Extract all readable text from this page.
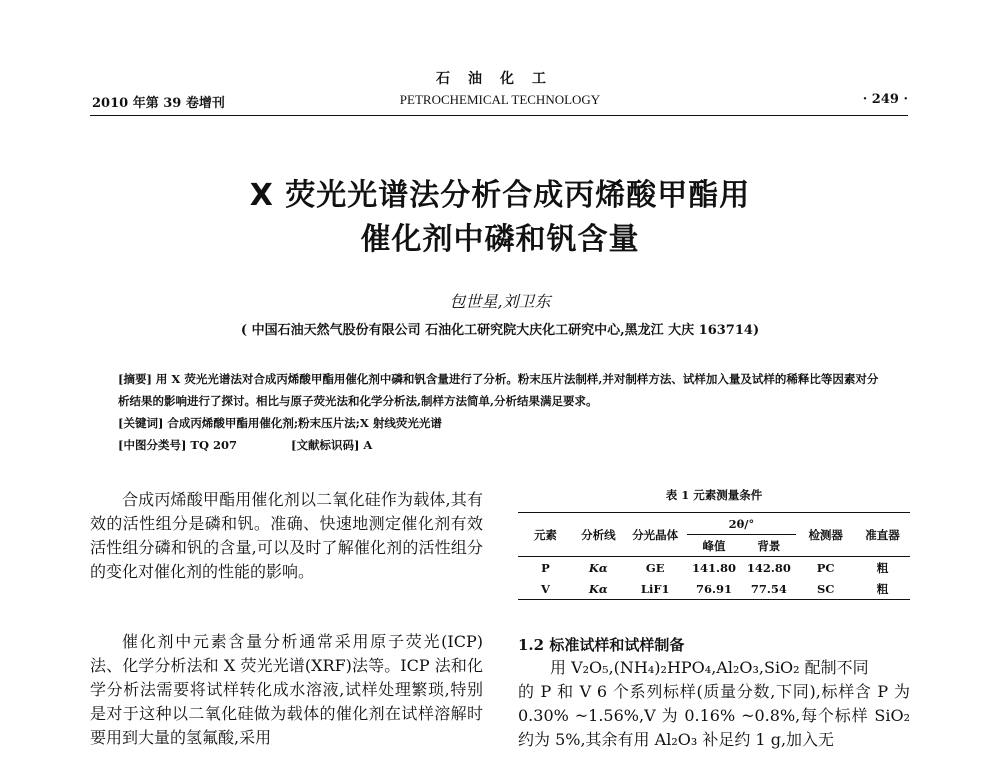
石油化工
2010 年第 39 卷增刊	PETROCHEMICAL TECHNOLOGY	· 249 ·
X 荧光光谱法分析合成丙烯酸甲酯用
催化剂中磷和钒含量
包世星,刘卫东
( 中国石油天然气股份有限公司 石油化工研究院大庆化工研究中心,黑龙江 大庆 163714)
[摘要] 用 X 荧光光谱法对合成丙烯酸甲酯用催化剂中磷和钒含量进行了分析。粉末压片法制样,并对制样方法、试样加入量及试样的稀释比等因素对分析结果的影响进行了探讨。相比与原子荧光法和化学分析法,制样方法简单,分析结果满足要求。
[关键词] 合成丙烯酸甲酯用催化剂;粉末压片法;X 射线荧光光谱
[中图分类号] TQ 207	[文献标识码] A
合成丙烯酸甲酯用催化剂以二氧化硅作为载体,其有效的活性组分是磷和钒。准确、快速地测定催化剂有效活性组分磷和钒的含量,可以及时了解催化剂的活性组分的变化对催化剂的性能的影响。
催化剂中元素含量分析通常采用原子荧光(ICP)法、化学分析法和 X 荧光光谱(XRF)法等。ICP 法和化学分析法需要将试样转化成水溶液,试样处理繁琐,特别是对于这种以二氧化硅做为载体的催化剂在试样溶解时要用到大量的氢氟酸,采用
表 1 元素测量条件
元素	分析线	分光晶体	2θ/°		检测器	准直器
			峰值	背景		
P	Kα	GE	141.80	142.80	PC	粗
V	Kα	LiF1	76.91	77.54	SC	粗
1.2 标准试样和试样制备
用 V₂O₅,(NH₄)₂HPO₄,Al₂O₃,SiO₂ 配制不同
的 P 和 V 6 个系列标样(质量分数,下同),标样含 P 为 0.30% ~1.56%,V 为 0.16% ~0.8%,每个标样 SiO₂ 约为 5%,其余有用 Al₂O₃ 补足约 1 g,加入无
